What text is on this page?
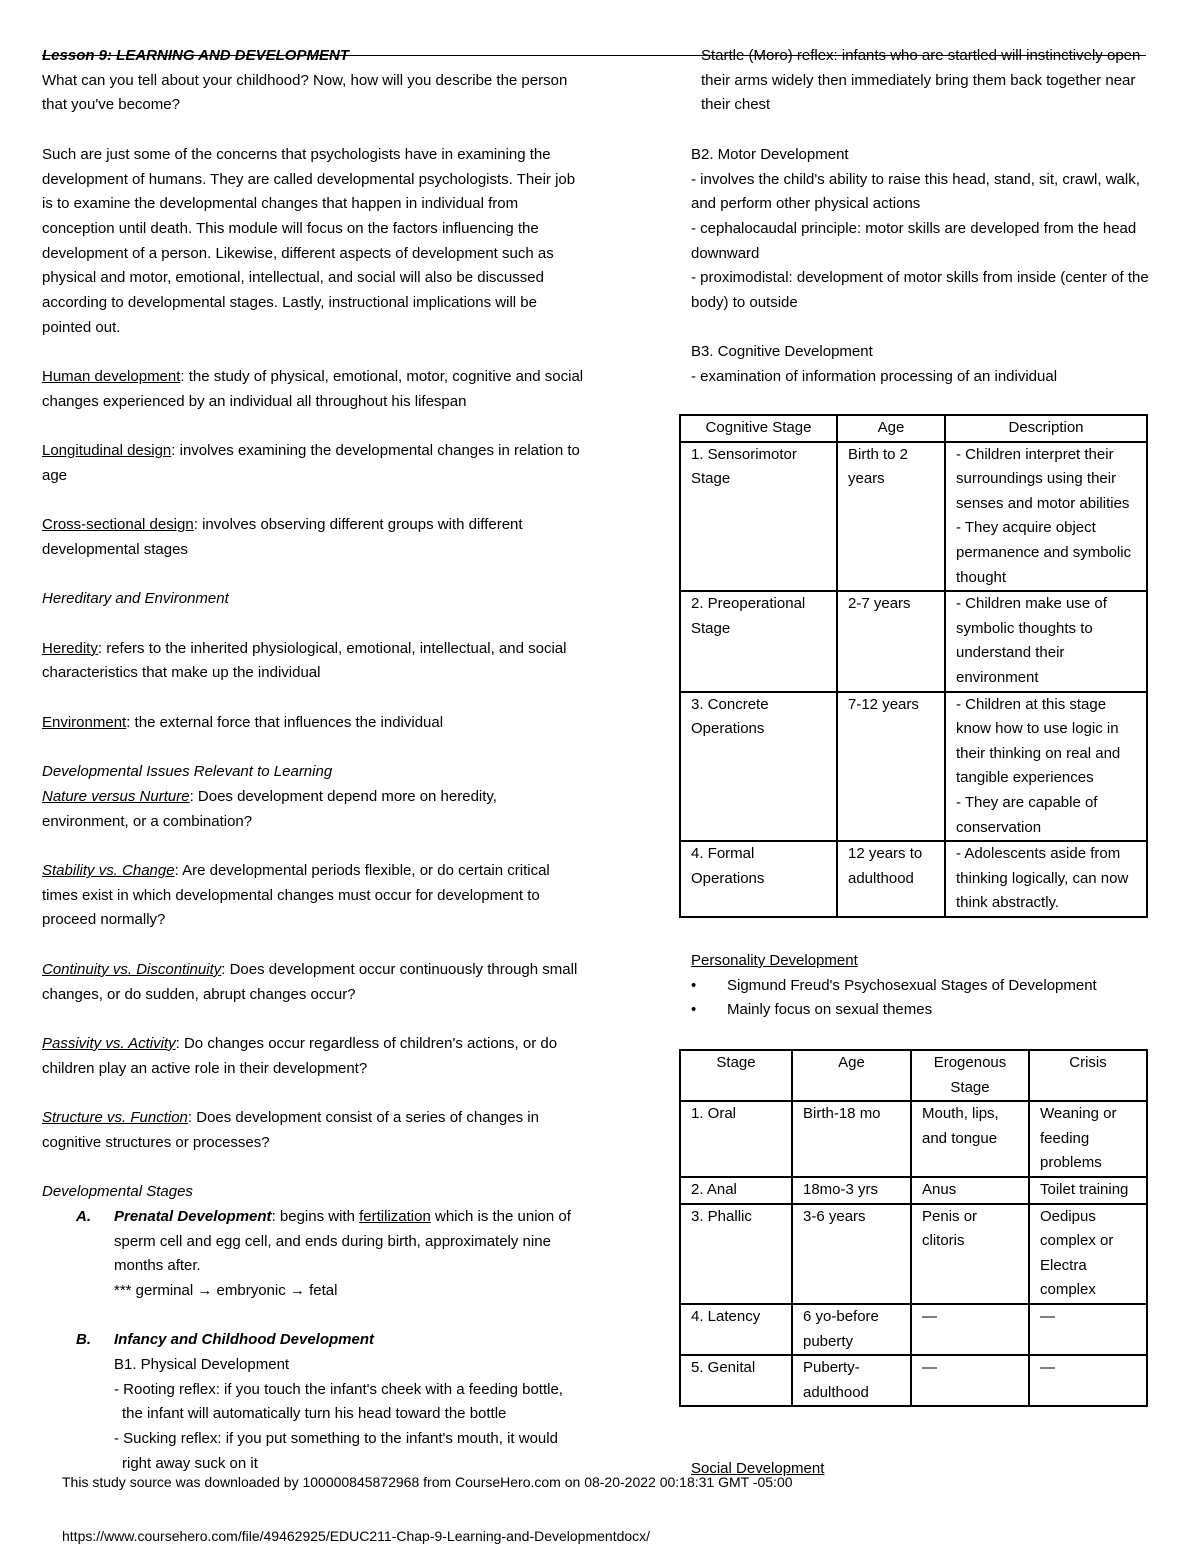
Lesson 9: LEARNING AND DEVELOPMENT

What can you tell about your childhood? Now, how will you describe the person that you've become?

Such are just some of the concerns that psychologists have in examining the development of humans. They are called developmental psychologists. Their job is to examine the developmental changes that happen in individual from conception until death. This module will focus on the factors influencing the development of a person. Likewise, different aspects of development such as physical and motor, emotional, intellectual, and social will also be discussed according to developmental stages. Lastly, instructional implications will be pointed out.

Human development: the study of physical, emotional, motor, cognitive and social changes experienced by an individual all throughout his lifespan

Longitudinal design: involves examining the developmental changes in relation to age

Cross-sectional design: involves observing different groups with different developmental stages

Hereditary and Environment

Heredity: refers to the inherited physiological, emotional, intellectual, and social characteristics that make up the individual

Environment: the external force that influences the individual

Developmental Issues Relevant to Learning

Nature versus Nurture: Does development depend more on heredity, environment, or a combination?

Stability vs. Change: Are developmental periods flexible, or do certain critical times exist in which developmental changes must occur for development to proceed normally?

Continuity vs. Discontinuity: Does development occur continuously through small changes, or do sudden, abrupt changes occur?

Passivity vs. Activity: Do changes occur regardless of children's actions, or do children play an active role in their development?

Structure vs. Function: Does development consist of a series of changes in cognitive structures or processes?

Developmental Stages

A. Prenatal Development: begins with fertilization which is the union of sperm cell and egg cell, and ends during birth, approximately nine months after.

*** germinal → embryonic → fetal

B. Infancy and Childhood Development

B1. Physical Development

- Rooting reflex: if you touch the infant's cheek with a feeding bottle, the infant will automatically turn his head toward the bottle

- Sucking reflex: if you put something to the infant's mouth, it would right away suck on it

Startle (Moro) reflex: infants who are startled will instinctively open their arms widely then immediately bring them back together near their chest

B2. Motor Development

- involves the child's ability to raise this head, stand, sit, crawl, walk, and perform other physical actions

- cephalocaudal principle: motor skills are developed from the head downward

- proximodistal: development of motor skills from inside (center of the body) to outside

B3. Cognitive Development

- examination of information processing of an individual

Cognitive Stage	Age	Description
1. Sensorimotor Stage	Birth to 2 years	- Children interpret their surroundings using their senses and motor abilities
- They acquire object permanence and symbolic thought
2. Preoperational Stage	2-7 years	- Children make use of symbolic thoughts to understand their environment
3. Concrete Operations	7-12 years	- Children at this stage know how to use logic in their thinking on real and tangible experiences
- They are capable of conservation
4. Formal Operations	12 years to adulthood	- Adolescents aside from thinking logically, can now think abstractly.

Personality Development

• Sigmund Freud's Psychosexual Stages of Development
• Mainly focus on sexual themes
Stage	Age	Erogenous Stage	Crisis
1. Oral	Birth-18 mo	Mouth, lips, and tongue	Weaning or feeding problems
2. Anal	18mo-3 yrs	Anus	Toilet training
3. Phallic	3-6 years	Penis or clitoris	Oedipus complex or Electra complex
4. Latency	6 yo-before puberty	—	—
5. Genital	Puberty-adulthood	—	—

Social Development

This study source was downloaded by 100000845872968 from CourseHero.com on 08-20-2022 00:18:31 GMT -05:00
https://www.coursehero.com/file/49462925/EDUC211-Chap-9-Learning-and-Developmentdocx/
